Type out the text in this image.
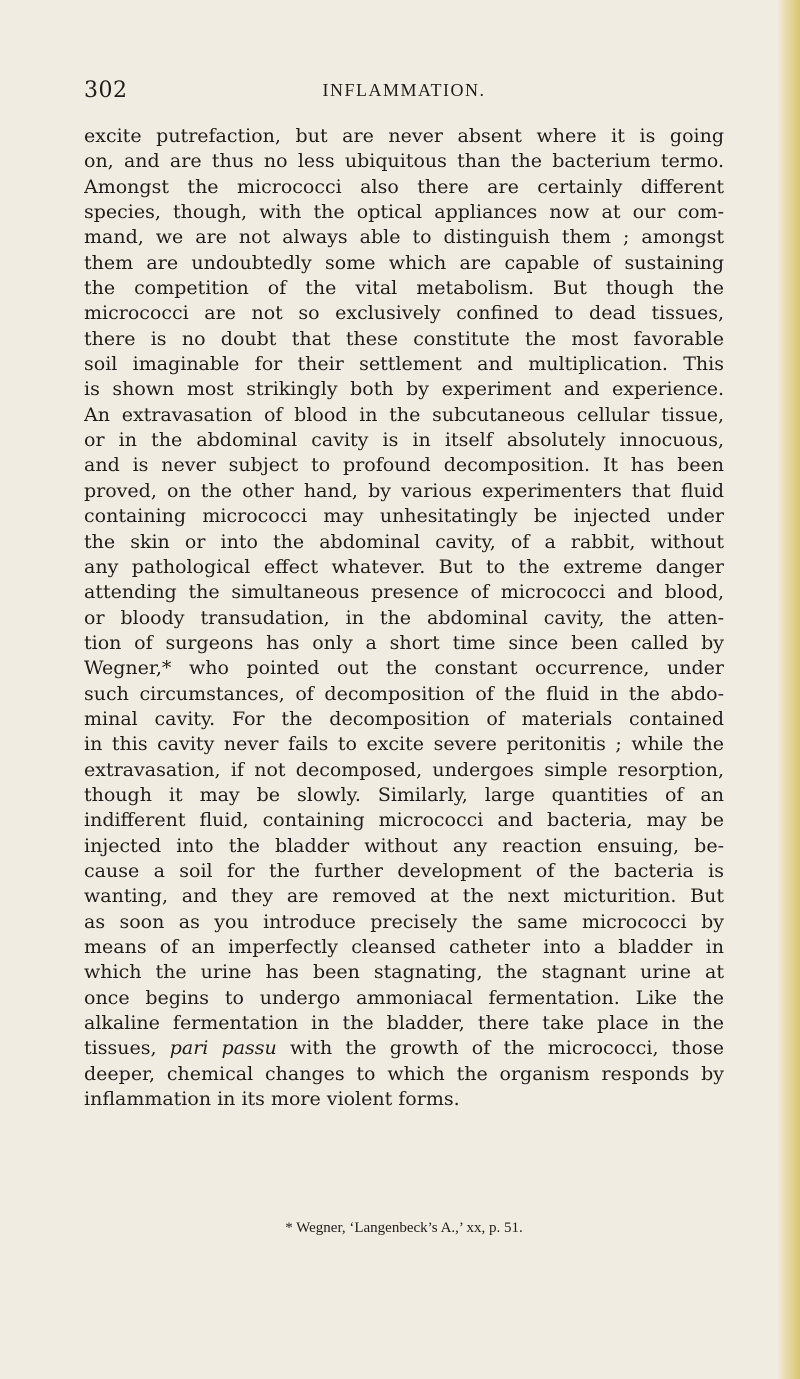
302	INFLAMMATION.
excite putrefaction, but are never absent where it is going
on, and are thus no less ubiquitous than the bacterium termo.
Amongst the micrococci also there are certainly different
species, though, with the optical appliances now at our com-
mand, we are not always able to distinguish them ; amongst
them are undoubtedly some which are capable of sustaining
the competition of the vital metabolism. But though the
micrococci are not so exclusively confined to dead tissues,
there is no doubt that these constitute the most favorable
soil imaginable for their settlement and multiplication. This
is shown most strikingly both by experiment and experience.
An extravasation of blood in the subcutaneous cellular tissue,
or in the abdominal cavity is in itself absolutely innocuous,
and is never subject to profound decomposition. It has been
proved, on the other hand, by various experimenters that fluid
containing micrococci may unhesitatingly be injected under
the skin or into the abdominal cavity, of a rabbit, without
any pathological effect whatever. But to the extreme danger
attending the simultaneous presence of micrococci and blood,
or bloody transudation, in the abdominal cavity, the atten-
tion of surgeons has only a short time since been called by
Wegner,* who pointed out the constant occurrence, under
such circumstances, of decomposition of the fluid in the abdo-
minal cavity. For the decomposition of materials contained
in this cavity never fails to excite severe peritonitis ; while the
extravasation, if not decomposed, undergoes simple resorption,
though it may be slowly. Similarly, large quantities of an
indifferent fluid, containing micrococci and bacteria, may be
injected into the bladder without any reaction ensuing, be-
cause a soil for the further development of the bacteria is
wanting, and they are removed at the next micturition. But
as soon as you introduce precisely the same micrococci by
means of an imperfectly cleansed catheter into a bladder in
which the urine has been stagnating, the stagnant urine at
once begins to undergo ammoniacal fermentation. Like the
alkaline fermentation in the bladder, there take place in the
tissues, pari passu with the growth of the micrococci, those
deeper, chemical changes to which the organism responds by
inflammation in its more violent forms.
* Wegner, ‘Langenbeck’s A.,’ xx, p. 51.
